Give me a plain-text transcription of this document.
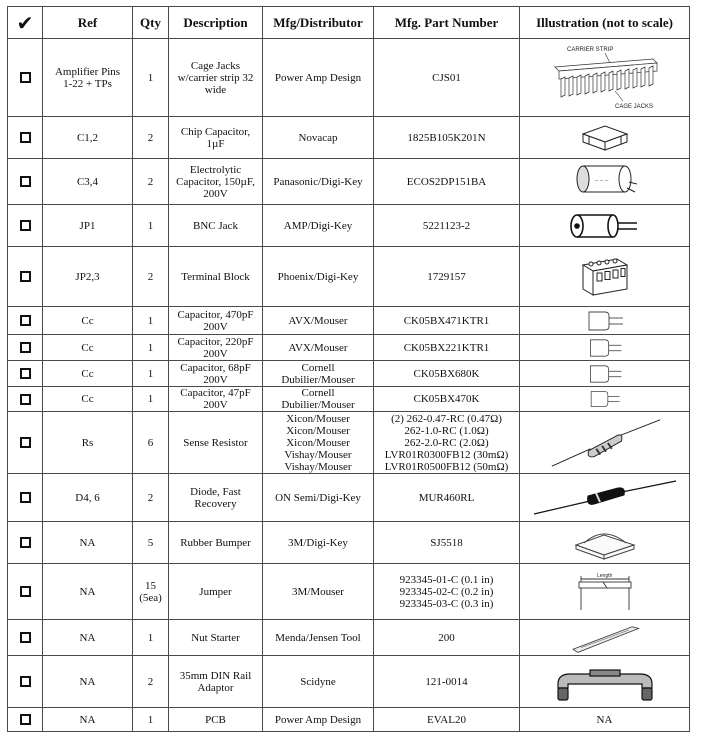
✔	Ref	Qty	Description	Mfg/Distributor	Mfg. Part Number	Illustration (not to scale)
	Amplifier Pins
1-22 + TPs	1	Cage Jacks
w/carrier strip 32
wide	Power Amp Design	CJS01	CARRIER STRIP
CAGE JACKS

	C1,2	2	Chip Capacitor,
1µF	Novacap	1825B105K201N	

	C3,4	2	Electrolytic
Capacitor, 150µF,
200V	Panasonic/Digi-Key	ECOS2DP151BA	– – –

	JP1	1	BNC Jack	AMP/Digi-Key	5221123-2	

	JP2,3	2	Terminal Block	Phoenix/Digi-Key	1729157	

	Cc	1	Capacitor, 470pF
200V	AVX/Mouser	CK05BX471KTR1	

	Cc	1	Capacitor, 220pF
200V	AVX/Mouser	CK05BX221KTR1	

	Cc	1	Capacitor, 68pF
200V	Cornell
Dubilier/Mouser	CK05BX680K	

	Cc	1	Capacitor, 47pF
200V	Cornell
Dubilier/Mouser	CK05BX470K	

	Rs	6	Sense Resistor	Xicon/Mouser
Xicon/Mouser
Xicon/Mouser
Vishay/Mouser
Vishay/Mouser	(2) 262-0.47-RC (0.47Ω)
262-1.0-RC (1.0Ω)
262-2.0-RC (2.0Ω)
LVR01R0300FB12 (30mΩ)
LVR01R0500FB12 (50mΩ)	

	D4, 6	2	Diode, Fast
Recovery	ON Semi/Digi-Key	MUR460RL	

	NA	5	Rubber Bumper	3M/Digi-Key	SJ5518	

	NA	15
(5ea)	Jumper	3M/Mouser	923345-01-C (0.1 in)
923345-02-C (0.2 in)
923345-03-C (0.3 in)	Length

	NA	1	Nut Starter	Menda/Jensen Tool	200	

	NA	2	35mm DIN Rail
Adaptor	Scidyne	121-0014	

	NA	1	PCB	Power Amp Design	EVAL20	NA
